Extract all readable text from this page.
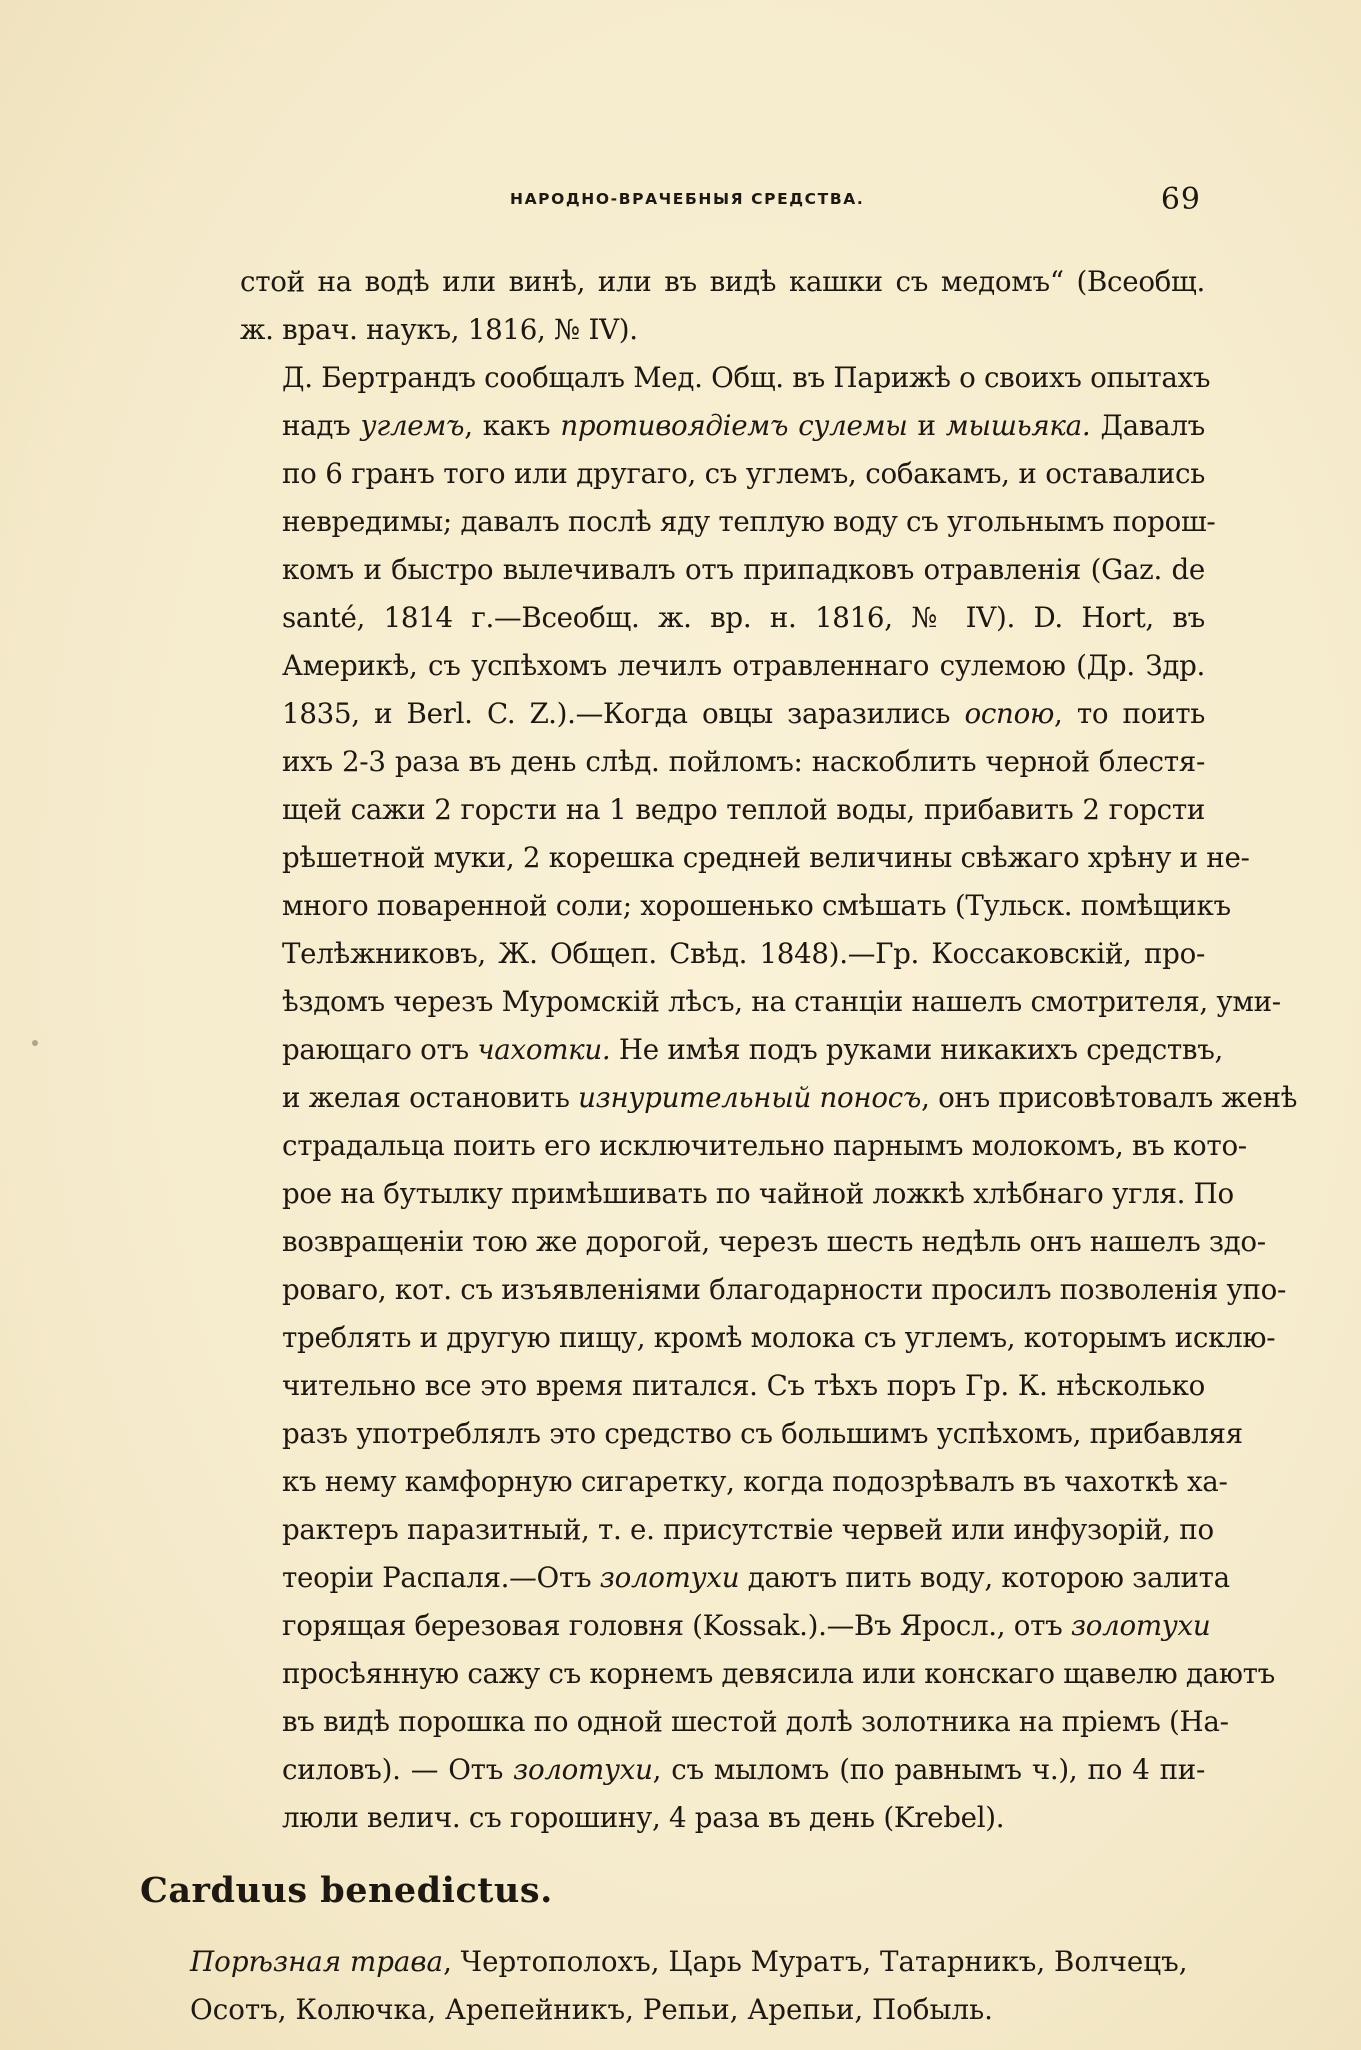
НАРОДНО-ВРАЧЕБНЫЯ СРЕДСТВА.	69

стой на водѣ или винѣ, или въ видѣ кашки съ медомъ“ (Всеобщ.
ж. врач. наукъ, 1816, № IV).

Д. Бертрандъ сообщалъ Мед. Общ. въ Парижѣ о своихъ опытахъ
надъ углемъ, какъ противоядіемъ сулемы и мышьяка. Давалъ
по 6 гранъ того или другаго, съ углемъ, собакамъ, и оставались
невредимы; давалъ послѣ яду теплую воду съ угольнымъ порош-
комъ и быстро вылечивалъ отъ припадковъ отравленія (Gaz. de
santé, 1814 г.—Всеобщ. ж. вр. н. 1816, № IV). D. Hort, въ
Америкѣ, съ успѣхомъ лечилъ отравленнаго сулемою (Др. Здр.
1835, и Berl. C. Z.).—Когда овцы заразились оспою, то поить
ихъ 2-3 раза въ день слѣд. пойломъ: наскоблить черной блестя-
щей сажи 2 горсти на 1 ведро теплой воды, прибавить 2 горсти
рѣшетной муки, 2 корешка средней величины свѣжаго хрѣну и не-
много поваренной соли; хорошенько смѣшать (Тульск. помѣщикъ
Телѣжниковъ, Ж. Общеп. Свѣд. 1848).—Гр. Коссаковскій, про-
ѣздомъ черезъ Муромскій лѣсъ, на станціи нашелъ смотрителя, уми-
рающаго отъ чахотки. Не имѣя подъ руками никакихъ средствъ,
и желая остановить изнурительный поносъ, онъ присовѣтовалъ женѣ
страдальца поить его исключительно парнымъ молокомъ, въ кото-
рое на бутылку примѣшивать по чайной ложкѣ хлѣбнаго угля. По
возвращеніи тою же дорогой, черезъ шесть недѣль онъ нашелъ здо-
роваго, кот. съ изъявленіями благодарности просилъ позволенія упо-
треблять и другую пищу, кромѣ молока съ углемъ, которымъ исклю-
чительно все это время питался. Съ тѣхъ поръ Гр. К. нѣсколько
разъ употреблялъ это средство съ большимъ успѣхомъ, прибавляя
къ нему камфорную сигаретку, когда подозрѣвалъ въ чахоткѣ ха-
рактеръ паразитный, т. е. присутствіе червей или инфузорій, по
теоріи Распаля.—Отъ золотухи даютъ пить воду, которою залита
горящая березовая головня (Kossak.).—Въ Яросл., отъ золотухи
просѣянную сажу съ корнемъ девясила или конскаго щавелю даютъ
въ видѣ порошка по одной шестой долѣ золотника на пріемъ (На-
силовъ). — Отъ золотухи, съ мыломъ (по равнымъ ч.), по 4 пи-
люли велич. съ горошину, 4 раза въ день (Krebel).

Carduus benedictus.
Порѣзная трава, Чертополохъ, Царь Муратъ, Татарникъ, Волчецъ,
Осотъ, Колючка, Арепейникъ, Репьи, Арепьи, Побыль.
